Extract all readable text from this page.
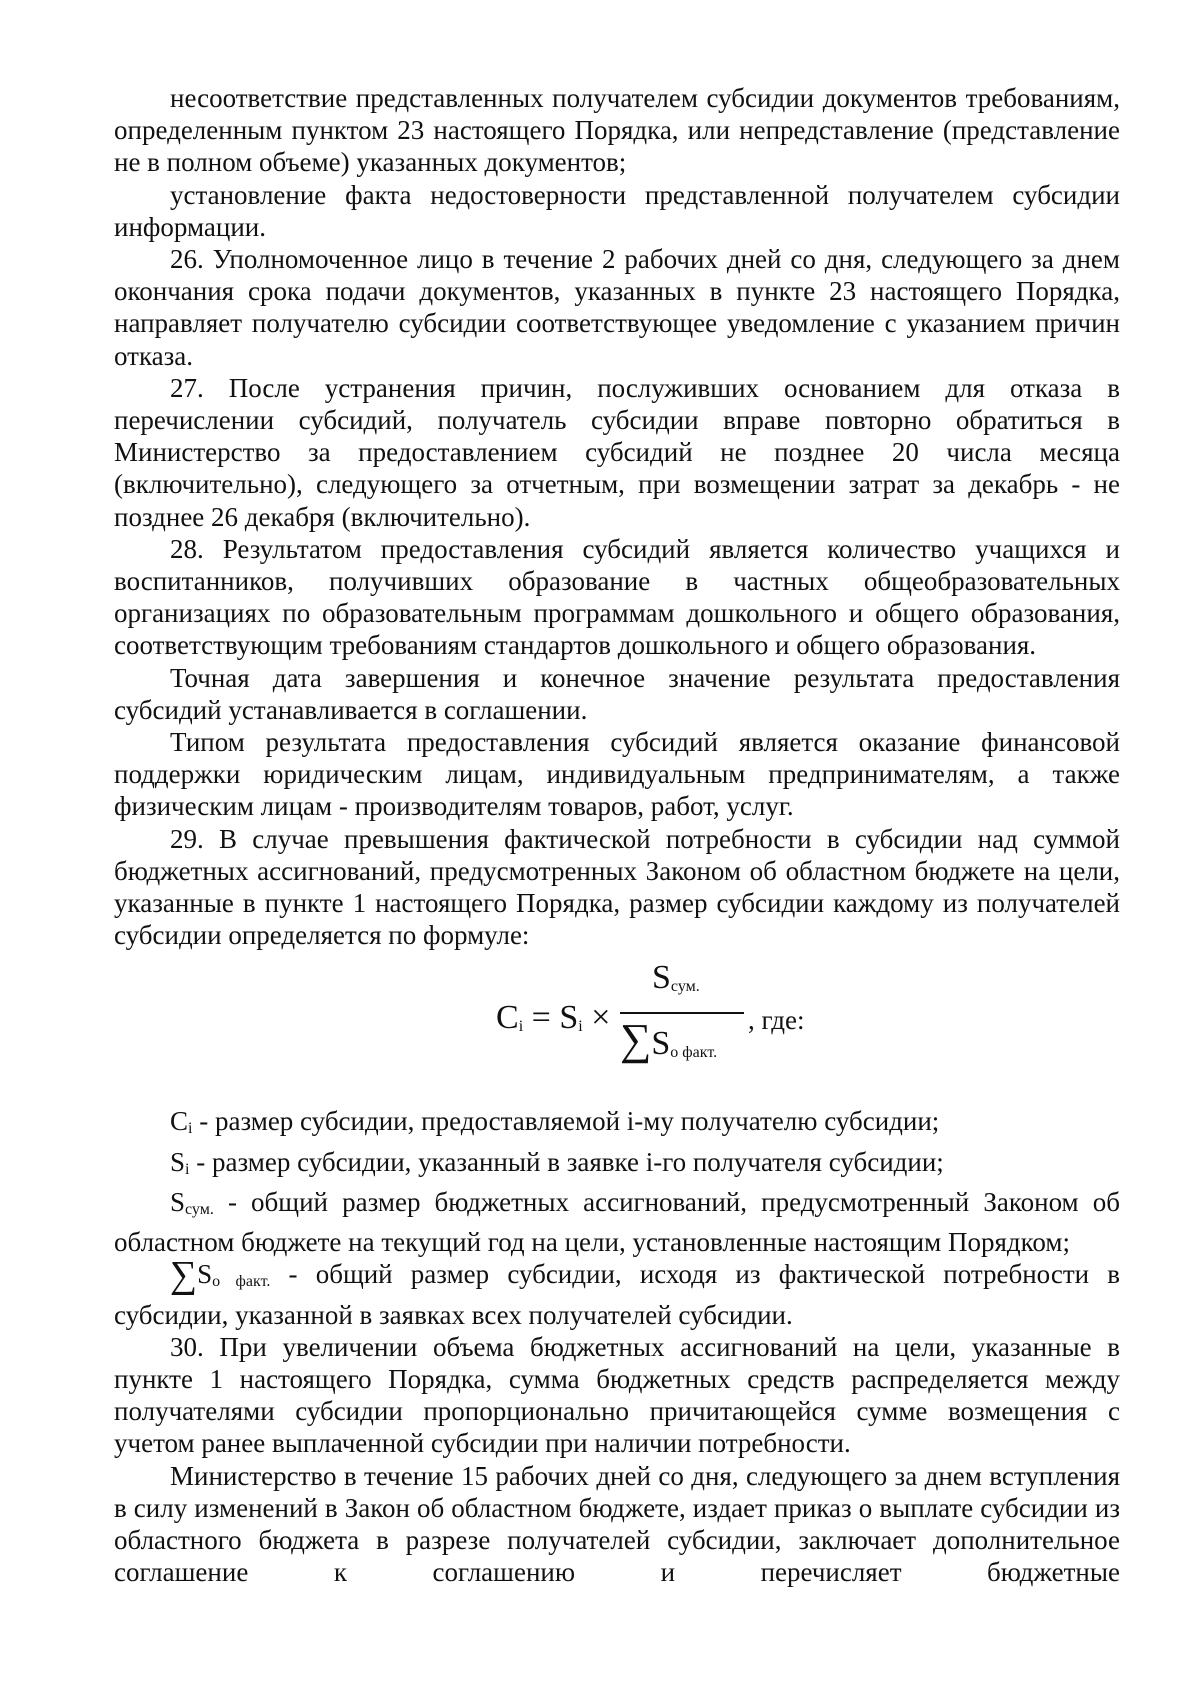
несоответствие представленных получателем субсидии документов требованиям, определенным пунктом 23 настоящего Порядка, или непредставление (представление не в полном объеме) указанных документов;

установление факта недостоверности представленной получателем субсидии информации.

26. Уполномоченное лицо в течение 2 рабочих дней со дня, следующего за днем окончания срока подачи документов, указанных в пункте 23 настоящего Порядка, направляет получателю субсидии соответствующее уведомление с указанием причин отказа.

27. После устранения причин, послуживших основанием для отказа в перечислении субсидий, получатель субсидии вправе повторно обратиться в Министерство за предоставлением субсидий не позднее 20 числа месяца (включительно), следующего за отчетным, при возмещении затрат за декабрь - не позднее 26 декабря (включительно).

28. Результатом предоставления субсидий является количество учащихся и воспитанников, получивших образование в частных общеобразовательных организациях по образовательным программам дошкольного и общего образования, соответствующим требованиям стандартов дошкольного и общего образования.

Точная дата завершения и конечное значение результата предоставления субсидий устанавливается в соглашении.

Типом результата предоставления субсидий является оказание финансовой поддержки юридическим лицам, индивидуальным предпринимателям, а также физическим лицам - производителям товаров, работ, услуг.

29. В случае превышения фактической потребности в субсидии над суммой бюджетных ассигнований, предусмотренных Законом об областном бюджете на цели, указанные в пункте 1 настоящего Порядка, размер субсидии каждому из получателей субсидии определяется по формуле:

$C_i = S_i$ ×
$S_{сум.}$
$\sum S_{о факт.}$
, где:

$C_i$ - размер субсидии, предоставляемой i-му получателю субсидии;

$S_i$ - размер субсидии, указанный в заявке i-го получателя субсидии;

$S_{сум.}$ - общий размер бюджетных ассигнований, предусмотренный Законом об областном бюджете на текущий год на цели, установленные настоящим Порядком;

$\sum S_{о факт.}$ - общий размер субсидии, исходя из фактической потребности в субсидии, указанной в заявках всех получателей субсидии.

30. При увеличении объема бюджетных ассигнований на цели, указанные в пункте 1 настоящего Порядка, сумма бюджетных средств распределяется между получателями субсидии пропорционально причитающейся сумме возмещения с учетом ранее выплаченной субсидии при наличии потребности.

Министерство в течение 15 рабочих дней со дня, следующего за днем вступления в силу изменений в Закон об областном бюджете, издает приказ о выплате субсидии из областного бюджета в разрезе получателей субсидии, заключает дополнительное соглашение к соглашению и перечисляет бюджетные
